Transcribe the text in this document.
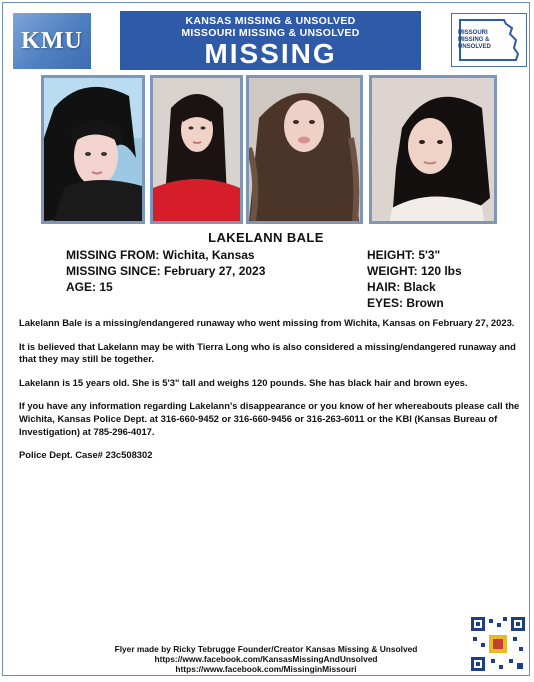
KMU
KANSAS MISSING & UNSOLVED
MISSOURI MISSING & UNSOLVED
MISSING
MISSOURI
MISSING &
UNSOLVED
LAKELANN BALE
MISSING FROM: Wichita, Kansas
MISSING SINCE: February 27, 2023
AGE: 15
HEIGHT: 5'3"
WEIGHT: 120 lbs
HAIR: Black
EYES: Brown

Lakelann Bale is a missing/endangered runaway who went missing from Wichita, Kansas on February 27, 2023.

It is believed that Lakelann may be with Tierra Long who is also considered a missing/endangered runaway and that they may still be together.

Lakelann is 15 years old. She is 5'3" tall and weighs 120 pounds. She has black hair and brown eyes.

If you have any information regarding Lakelann's disappearance or you know of her whereabouts please call the Wichita, Kansas Police Dept. at 316-660-9452 or 316-660-9456 or 316-263-6011 or the KBI (Kansas Bureau of Investigation) at 785-296-4017.

Police Dept. Case# 23c508302

Flyer made by Ricky Tebrugge Founder/Creator Kansas Missing & Unsolved
https://www.facebook.com/KansasMissingAndUnsolved
https://www.facebook.com/MissinginMissouri
